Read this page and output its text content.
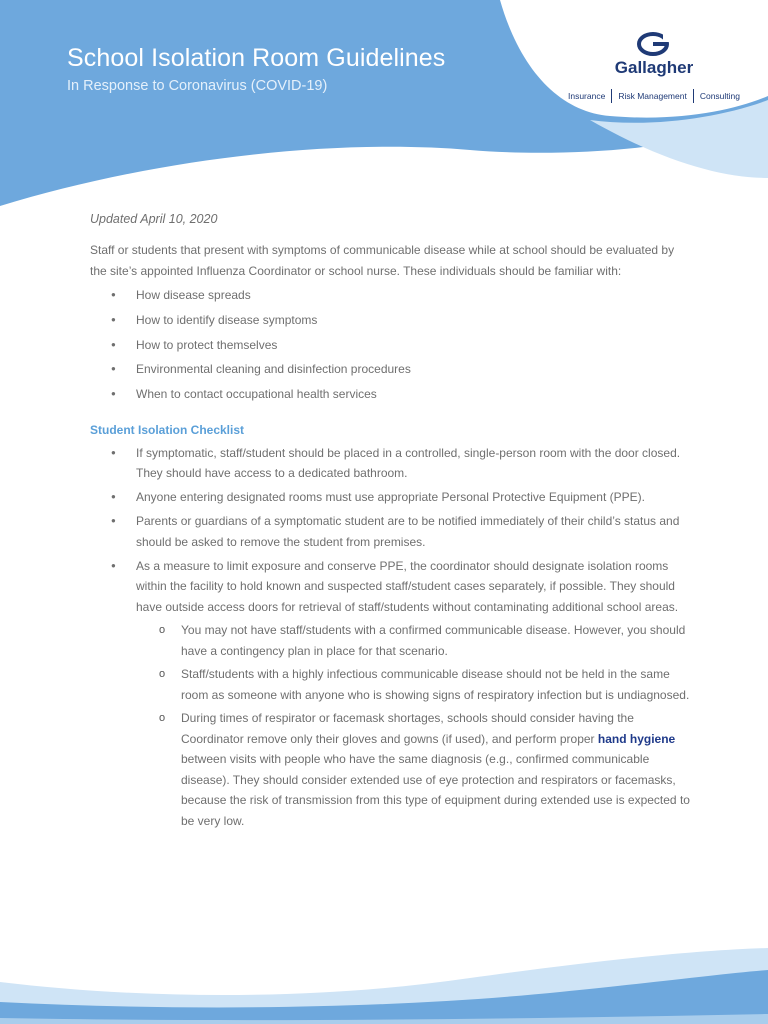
School Isolation Room Guidelines
In Response to Coronavirus (COVID-19)
Gallagher
Insurance Risk Management Consulting

Updated April 10, 2020

Staff or students that present with symptoms of communicable disease while at school should be evaluated by the site’s appointed Influenza Coordinator or school nurse. These individuals should be familiar with:

● How disease spreads
● How to identify disease symptoms
● How to protect themselves
● Environmental cleaning and disinfection procedures
● When to contact occupational health services
Student Isolation Checklist
● If symptomatic, staff/student should be placed in a controlled, single-person room with the door closed. They should have access to a dedicated bathroom.
● Anyone entering designated rooms must use appropriate Personal Protective Equipment (PPE).
● Parents or guardians of a symptomatic student are to be notified immediately of their child’s status and should be asked to remove the student from premises.
● As a measure to limit exposure and conserve PPE, the coordinator should designate isolation rooms within the facility to hold known and suspected staff/student cases separately, if possible. They should have outside access doors for retrieval of staff/students without contaminating additional school areas.
o You may not have staff/students with a confirmed communicable disease. However, you should have a contingency plan in place for that scenario.
o Staff/students with a highly infectious communicable disease should not be held in the same room as someone with anyone who is showing signs of respiratory infection but is undiagnosed.
o During times of respirator or facemask shortages, schools should consider having the Coordinator remove only their gloves and gowns (if used), and perform proper hand hygiene between visits with people who have the same diagnosis (e.g., confirmed communicable disease). They should consider extended use of eye protection and respirators or facemasks, because the risk of transmission from this type of equipment during extended use is expected to be very low.
